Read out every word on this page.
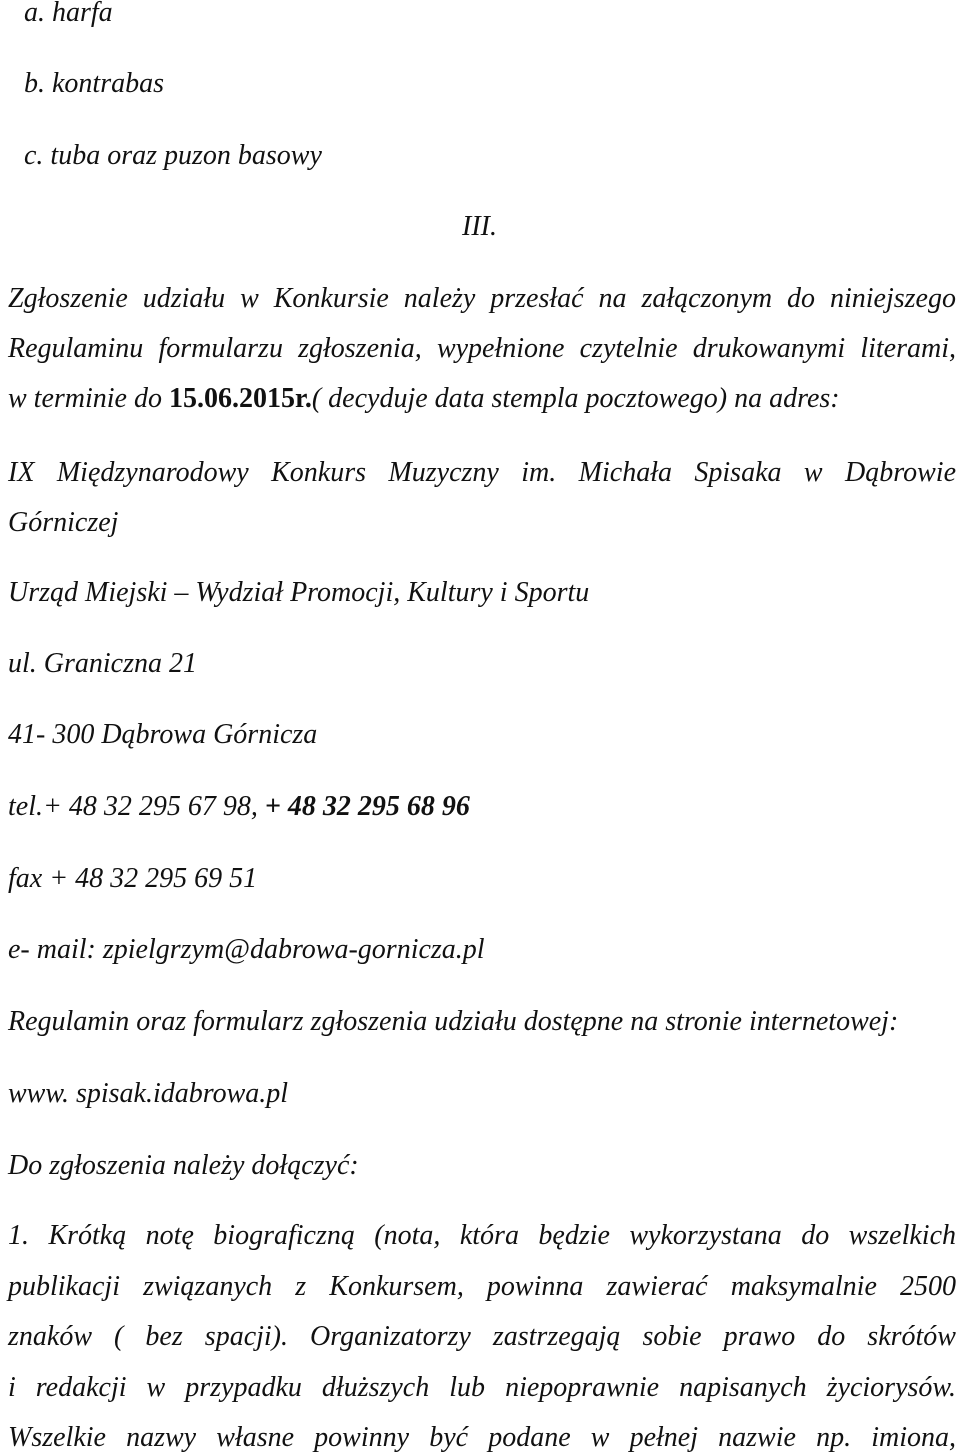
a. harfa
b. kontrabas
c. tuba oraz puzon basowy
III.
Zgłoszenie udziału w Konkursie należy przesłać na załączonym do niniejszego
Regulaminu formularzu zgłoszenia, wypełnione czytelnie drukowanymi literami,
w terminie do 15.06.2015r.( decyduje data stempla pocztowego) na adres:
IX Międzynarodowy Konkurs Muzyczny im. Michała Spisaka w Dąbrowie
Górniczej
Urząd Miejski – Wydział Promocji, Kultury i Sportu
ul. Graniczna 21
41- 300 Dąbrowa Górnicza
tel.+ 48 32 295 67 98, + 48 32 295 68 96
fax + 48 32 295 69 51
e- mail: zpielgrzym@dabrowa-gornicza.pl
Regulamin oraz formularz zgłoszenia udziału dostępne na stronie internetowej:
www. spisak.idabrowa.pl
Do zgłoszenia należy dołączyć:
1. Krótką notę biograficzną (nota, która będzie wykorzystana do wszelkich
publikacji związanych z Konkursem, powinna zawierać maksymalnie 2500
znaków ( bez spacji). Organizatorzy zastrzegają sobie prawo do skrótów
i redakcji w przypadku dłuższych lub niepoprawnie napisanych życiorysów.
Wszelkie nazwy własne powinny być podane w pełnej nazwie np. imiona,
